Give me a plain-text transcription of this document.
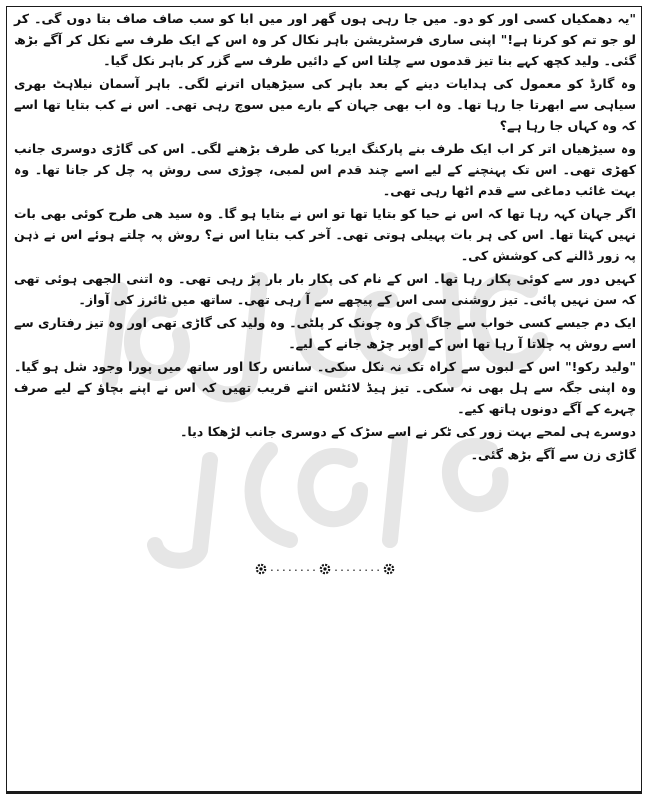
"یہ دھمکیاں کسی اور کو دو۔ میں جا رہی ہوں گھر اور میں ابا کو سب صاف صاف بتا دوں گی۔ کر لو جو تم کو کرنا ہے!" اپنی ساری فرسٹریشن باہر نکال کر وہ اس کے ایک طرف سے نکل کر آگے بڑھ گئی۔ ولید کچھ کہے بنا تیز قدموں سے چلتا اس کے دائیں طرف سے گزر کر باہر نکل گیا۔

وہ گارڈ کو معمول کی ہدایات دینے کے بعد باہر کی سیڑھیاں اترنے لگی۔ باہر آسمان نیلاہٹ بھری سیاہی سے ابھرتا جا رہا تھا۔ وہ اب بھی جہان کے بارے میں سوچ رہی تھی۔ اس نے کب بتایا تھا اسے کہ وہ کہاں جا رہا ہے؟

وہ سیڑھیاں اتر کر اب ایک طرف بنے پارکنگ ایریا کی طرف بڑھنے لگی۔ اس کی گاڑی دوسری جانب کھڑی تھی۔ اس تک پہنچنے کے لیے اسے چند قدم اس لمبی، چوڑی سی روش پہ چل کر جانا تھا۔ وہ بہت غائب دماغی سے قدم اٹھا رہی تھی۔

اگر جہان کہہ رہا تھا کہ اس نے حیا کو بتایا تھا تو اس نے بتایا ہو گا۔ وہ سید ھی طرح کوئی بھی بات نہیں کہتا تھا۔ اس کی ہر بات پہیلی ہوتی تھی۔ آخر کب بتایا اس نے؟ روش پہ چلتے ہوئے اس نے ذہن پہ زور ڈالنے کی کوشش کی۔

کہیں دور سے کوئی پکار رہا تھا۔ اس کے نام کی پکار بار بار پڑ رہی تھی۔ وہ اتنی الجھی ہوئی تھی کہ سن نہیں پائی۔ تیز روشنی سی اس کے پیچھے سے آ رہی تھی۔ ساتھ میں ٹائرز کی آواز۔

ایک دم جیسے کسی خواب سے جاگ کر وہ چونک کر پلٹی۔ وہ ولید کی گاڑی تھی اور وہ تیز رفتاری سے اسے روش پہ چلاتا آ رہا تھا اس کے اوپر چڑھ جانے کے لیے۔

"ولید رکو!" اس کے لبوں سے کراہ تک نہ نکل سکی۔ سانس رکا اور ساتھ میں پورا وجود شل ہو گیا۔ وہ اپنی جگہ سے ہل بھی نہ سکی۔ تیز ہیڈ لائٹس اتنے قریب تھیں کہ اس نے اپنے بچاؤ کے لیے صرف چہرے کے آگے دونوں ہاتھ کیے۔

دوسرے ہی لمحے بہت زور کی ٹکر نے اسے سڑک کے دوسری جانب لڑھکا دیا۔

گاڑی زن سے آگے بڑھ گئی۔

........ ........
